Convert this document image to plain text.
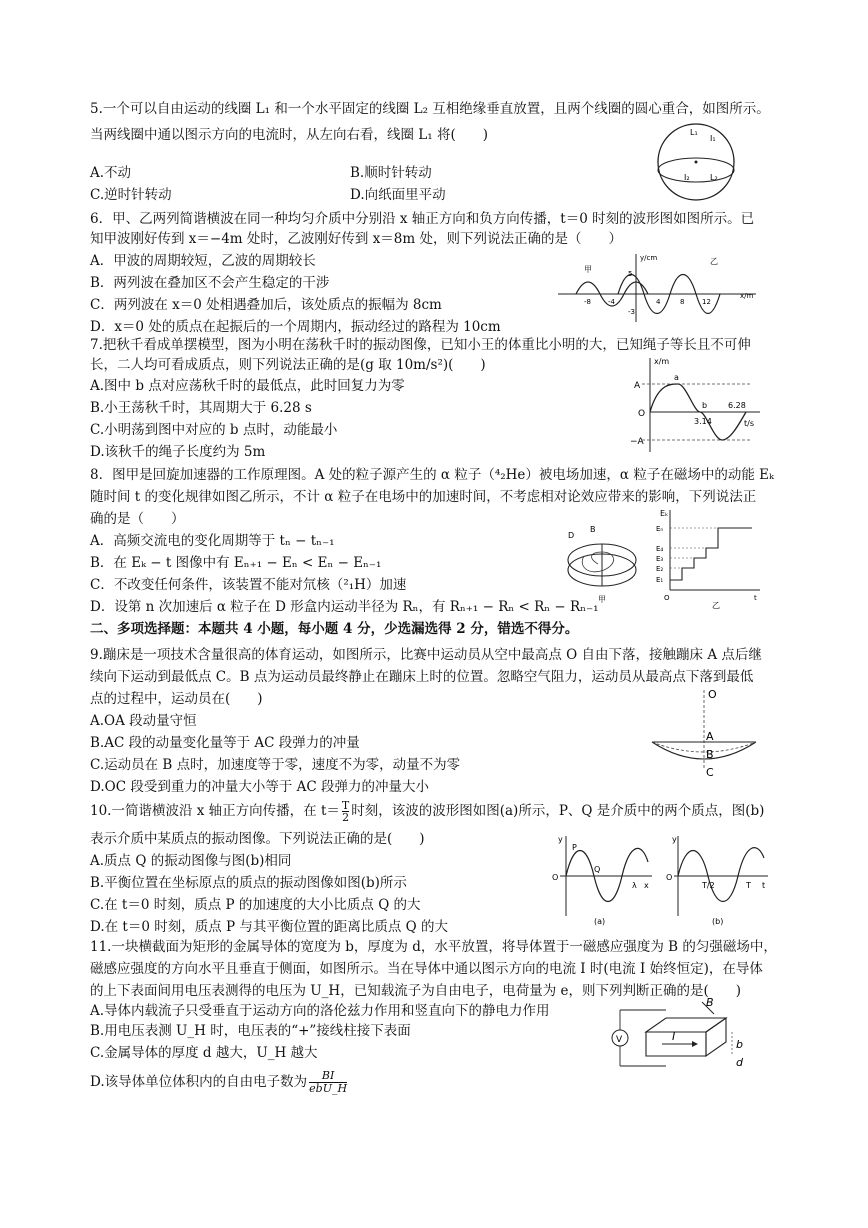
5.一个可以自由运动的线圈 L₁ 和一个水平固定的线圈 L₂ 互相绝缘垂直放置，且两个线圈的圆心重合，如图所示。
当两线圈中通以图示方向的电流时，从左向右看，线圈 L₁ 将(　　)
A.不动	B.顺时针转动
C.逆时针转动	D.向纸面里平动
L₁
I₁
I₂	L₂
6．甲、乙两列简谐横波在同一种均匀介质中分别沿 x 轴正方向和负方向传播，t＝0 时刻的波形图如图所示。已
知甲波刚好传到 x＝−4m 处时，乙波刚好传到 x＝8m 处，则下列说法正确的是（　　）
A．甲波的周期较短，乙波的周期较长
B．两列波在叠加区不会产生稳定的干涉
C．两列波在 x＝0 处相遇叠加后，该处质点的振幅为 8cm
D．x＝0 处的质点在起振后的一个周期内，振动经过的路程为 10cm
y/cm
甲
乙
5
-8 -4	4	8	12
x/m
-3
7.把秋千看成单摆模型，图为小明在荡秋千时的振动图像，已知小王的体重比小明的大，已知绳子等长且不可伸
长，二人均可看成质点，则下列说法正确的是(g 取 10m/s²)(　　)
A.图中 b 点对应荡秋千时的最低点，此时回复力为零
B.小王荡秋千时，其周期大于 6.28 s
C.小明荡到图中对应的 b 点时，动能最小
D.该秋千的绳子长度约为 5m
x/m
A
a
O
b	6.28
3.14	t/s
−A
8．图甲是回旋加速器的工作原理图。A 处的粒子源产生的 α 粒子（⁴₂He）被电场加速，α 粒子在磁场中的动能 Eₖ
随时间 t 的变化规律如图乙所示，不计 α 粒子在电场中的加速时间，不考虑相对论效应带来的影响，下列说法正
确的是（　　）
A．高频交流电的变化周期等于 tₙ − tₙ₋₁
B．在 Eₖ − t 图像中有 Eₙ₊₁ − Eₙ < Eₙ − Eₙ₋₁
C．不改变任何条件，该装置不能对氘核（²₁H）加速
D．设第 n 次加速后 α 粒子在 D 形盒内运动半径为 Rₙ，有 Rₙ₊₁ − Rₙ < Rₙ − Rₙ₋₁
D
B
甲
Eₖ
Eₙ
E₄
E₃
E₂
E₁
O	t
乙
二、多项选择题：本题共 4 小题，每小题 4 分，少选漏选得 2 分，错选不得分。
9.蹦床是一项技术含量很高的体育运动，如图所示，比赛中运动员从空中最高点 O 自由下落，接触蹦床 A 点后继
续向下运动到最低点 C。B 点为运动员最终静止在蹦床上时的位置。忽略空气阻力，运动员从最高点下落到最低
点的过程中，运动员在(　　)
A.OA 段动量守恒
B.AC 段的动量变化量等于 AC 段弹力的冲量
C.运动员在 B 点时，加速度等于零，速度不为零，动量不为零
D.OC 段受到重力的冲量大小等于 AC 段弹力的冲量大小
O
A
B
C
10.一简谐横波沿 x 轴正方向传播，在 $t= \frac{T}{2}$ 时刻，该波的波形图如图(a)所示，P、Q 是介质中的两个质点，图(b)
表示介质中某质点的振动图像。下列说法正确的是(　　)
A.质点 Q 的振动图像与图(b)相同
B.平衡位置在坐标原点的质点的振动图像如图(b)所示
C.在 t＝0 时刻，质点 P 的加速度的大小比质点 Q 的大
D.在 t＝0 时刻，质点 P 与其平衡位置的距离比质点 Q 的大
y
P
O
Q
λ x
(a)
y
O
T/2	T t
(b)
11.一块横截面为矩形的金属导体的宽度为 b，厚度为 d，水平放置，将导体置于一磁感应强度为 B 的匀强磁场中，
磁感应强度的方向水平且垂直于侧面，如图所示。当在导体中通以图示方向的电流 I 时(电流 I 始终恒定)，在导体
的上下表面间用电压表测得的电压为 U_H，已知载流子为自由电子，电荷量为 e，则下列判断正确的是(　　)
A.导体内载流子只受垂直于运动方向的洛伦兹力作用和竖直向下的静电力作用
B.用电压表测 U_H 时，电压表的“+”接线柱接下表面
C.金属导体的厚度 d 越大，U_H 越大
D.该导体单位体积内的自由电子数为	BI
ebU_H
B
V	I
b
d
